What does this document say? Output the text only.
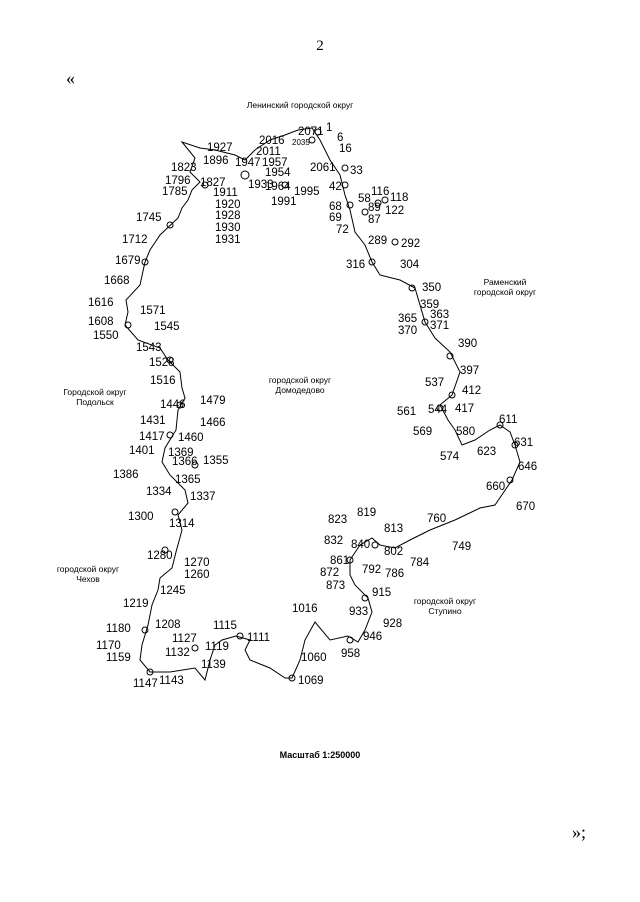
2
«
Ленинский городской округ
Раменский
городской округ
городской округ
Домодедово
Городской округ
Подольск
городской округ
Чехов
городской округ
Ступино
1
6
16
33
42
58
68
69
72
87
89
116 118
122
289 292
304
316
350
359
363
365
370 371
390
397
412
417
537
544
561
569
574
580
611
623
631
646
660
670
749
760
784
786
792
802
813
819
823
832 840
861
872
873
915
928
933
946
958
1016
1060
1069
1111
1115
1119
1127
1132
1139
1143
1147
1159
1170
1180 1208
1219
1245
1260
1270
1280
1300
1314
1334 1337
1355
1365
1366
1369
1386
1401
1417
1431
1446
1460
1466
1479
1516
1528
1543
1545
1550
1571
1608
1616
1668
1679
1712
1745
1785
1796
1823
1827
1896
1911
1920
1927
1928
1930
1931
1933
1947
1954
1957
1964
1991
1995
2011
2016 2035
2061
2071
Масштаб 1:250000
»;
